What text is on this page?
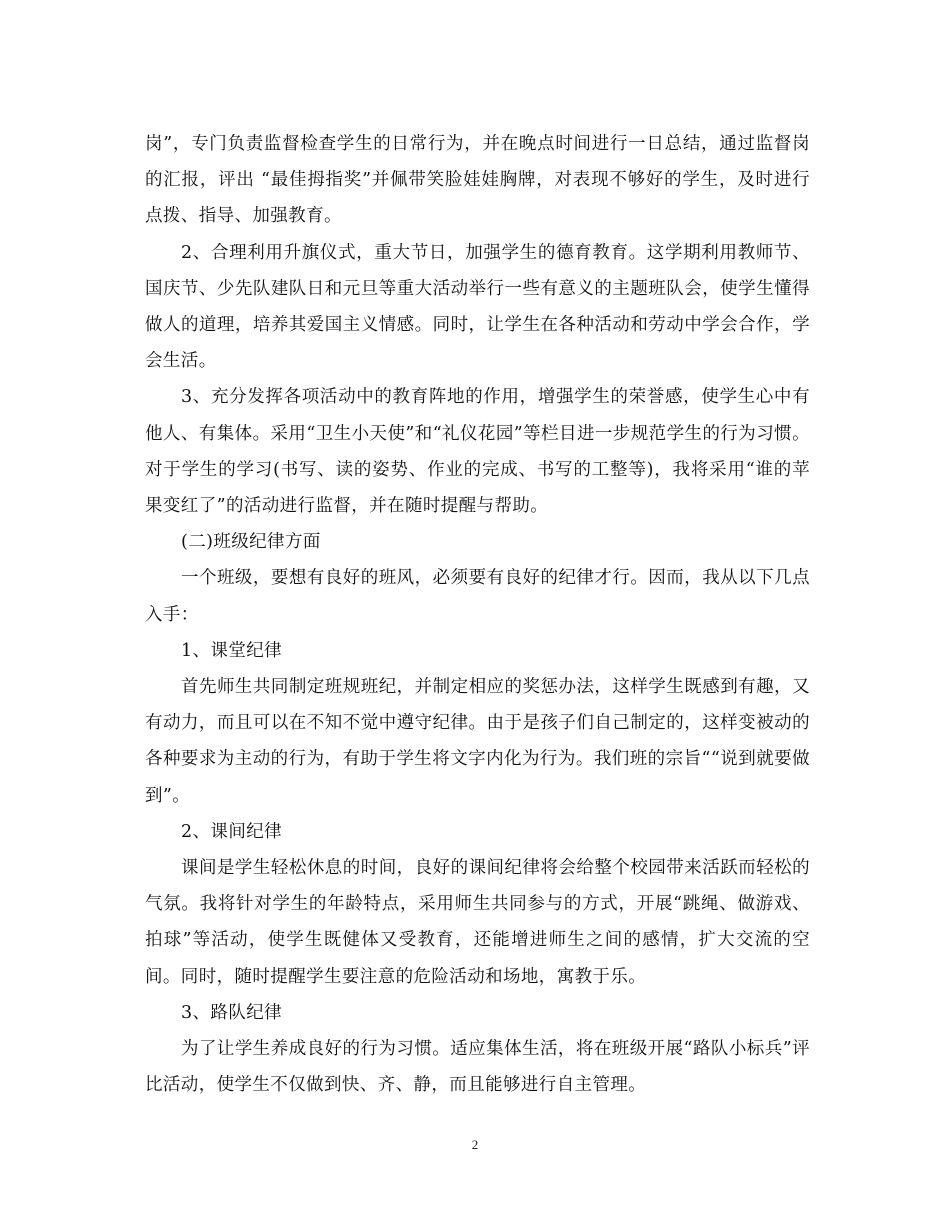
岗”，专门负责监督检查学生的日常行为，并在晚点时间进行一日总结，通过监督岗的汇报，评出 “最佳拇指奖”并佩带笑脸娃娃胸牌，对表现不够好的学生，及时进行点拨、指导、加强教育。

2、合理利用升旗仪式，重大节日，加强学生的德育教育。这学期利用教师节、国庆节、少先队建队日和元旦等重大活动举行一些有意义的主题班队会，使学生懂得做人的道理，培养其爱国主义情感。同时，让学生在各种活动和劳动中学会合作，学会生活。

3、充分发挥各项活动中的教育阵地的作用，增强学生的荣誉感，使学生心中有他人、有集体。采用“卫生小天使”和“礼仪花园”等栏目进一步规范学生的行为习惯。对于学生的学习(书写、读的姿势、作业的完成、书写的工整等)，我将采用“谁的苹果变红了”的活动进行监督，并在随时提醒与帮助。

(二)班级纪律方面

一个班级，要想有良好的班风，必须要有良好的纪律才行。因而，我从以下几点入手：

1、课堂纪律

首先师生共同制定班规班纪，并制定相应的奖惩办法，这样学生既感到有趣，又有动力，而且可以在不知不觉中遵守纪律。由于是孩子们自己制定的，这样变被动的各种要求为主动的行为，有助于学生将文字内化为行为。我们班的宗旨““说到就要做到”。

2、课间纪律

课间是学生轻松休息的时间，良好的课间纪律将会给整个校园带来活跃而轻松的气氛。我将针对学生的年龄特点，采用师生共同参与的方式，开展“跳绳、做游戏、拍球”等活动，使学生既健体又受教育，还能增进师生之间的感情，扩大交流的空间。同时，随时提醒学生要注意的危险活动和场地，寓教于乐。

3、路队纪律

为了让学生养成良好的行为习惯。适应集体生活，将在班级开展“路队小标兵”评比活动，使学生不仅做到快、齐、静，而且能够进行自主管理。

2
